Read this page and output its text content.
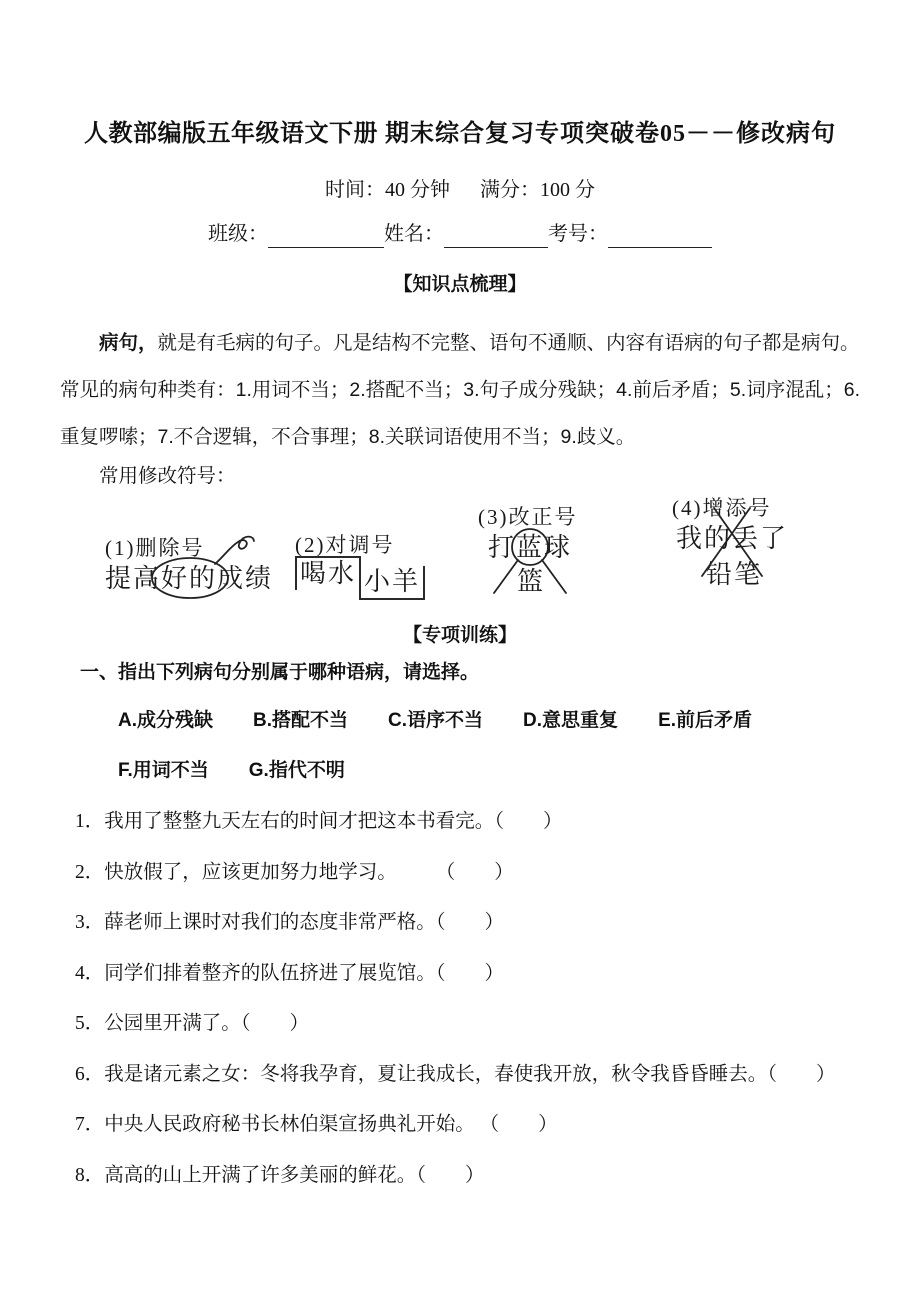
人教部编版五年级语文下册 期末综合复习专项突破卷05－－修改病句
时间：40 分钟 满分：100 分
班级：	姓名：	考号：
【知识点梳理】

病句，就是有毛病的句子。凡是结构不完整、语句不通顺、内容有语病的句子都是病句。

常见的病句种类有：1.用词不当；2.搭配不当；3.句子成分残缺；4.前后矛盾；5.词序混乱；6.重复啰嗦；7.不合逻辑，不合事理；8.关联词语使用不当；9.歧义。

常用修改符号：
(1)删除号
提高好的成绩
(2)对调号
喝水 小羊
(3)改正号
打蓝球
篮
(4)增添号
我的丢了
铅笔
【专项训练】
一、指出下列病句分别属于哪种语病，请选择。
A.成分残缺 B.搭配不当 C.语序不当 D.意思重复 E.前后矛盾
F.用词不当 G.指代不明
1．我用了整整九天左右的时间才把这本书看完。（　　）
2．快放假了，应该更加努力地学习。　　　（　　）
3．薛老师上课时对我们的态度非常严格。（　　）
4．同学们排着整齐的队伍挤进了展览馆。（　　）
5．公园里开满了。（　　）
6．我是诸元素之女：冬将我孕育，夏让我成长，春使我开放，秋令我昏昏睡去。（　　）
7．中央人民政府秘书长林伯渠宣扬典礼开始。 （　　）
8．高高的山上开满了许多美丽的鲜花。（　　）
